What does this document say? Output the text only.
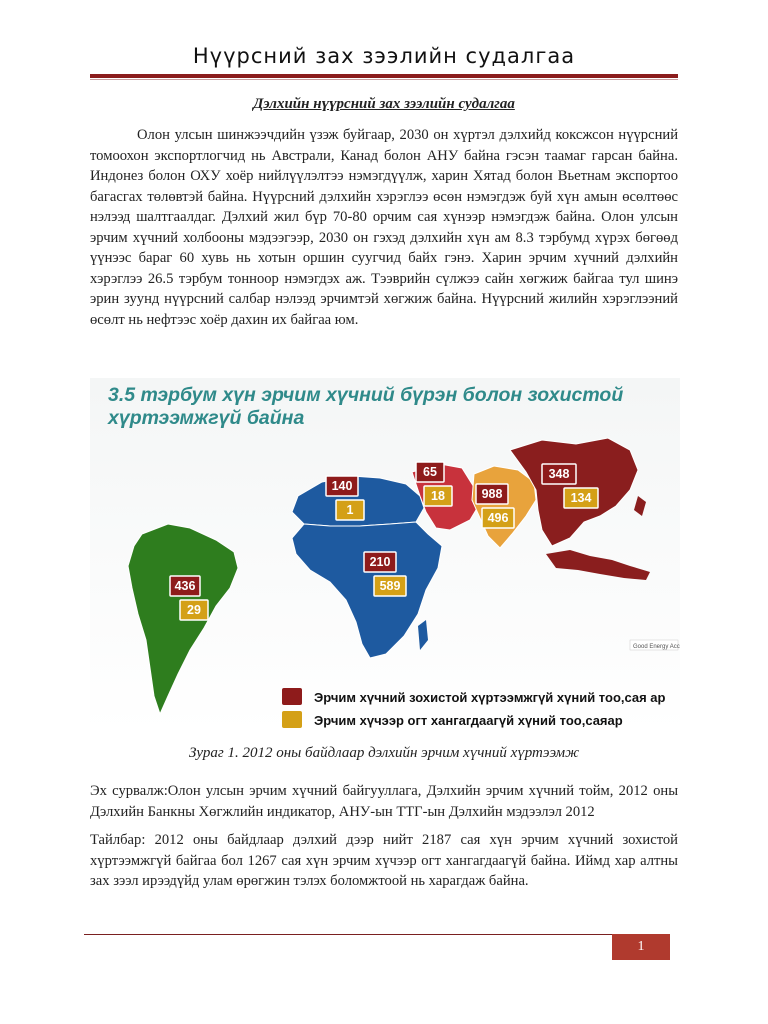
Нүүрсний зах зээлийн судалгаа
Дэлхийн нүүрсний зах зээлийн судалгаа
Олон улсын шинжээчдийн үзэж буйгаар, 2030 он хүртэл дэлхийд коксжсон нүүрсний томоохон экспортлогчид нь Австрали, Канад болон АНУ байна гэсэн таамаг гарсан байна. Индонез болон ОХУ хоёр нийлүүлэлтээ нэмэгдүүлж, харин Хятад болон Вьетнам экспортоо багасгах төлөвтэй байна. Нүүрсний дэлхийн хэрэглээ өсөн нэмэгдэж буй хүн амын өсөлтөөс нэлээд шалтгаалдаг. Дэлхий жил бүр 70-80 орчим сая хүнээр нэмэгдэж байна. Олон улсын эрчим хүчний холбооны мэдээгээр, 2030 он гэхэд дэлхийн хүн ам 8.3 тэрбумд хүрэх бөгөөд үүнээс бараг 60 хувь нь хотын оршин суугчид байх гэнэ. Харин эрчим хүчний дэлхийн хэрэглээ 26.5 тэрбум тонноор нэмэгдэх аж. Тээврийн сүлжээ сайн хөгжиж байгаа тул шинэ эрин зуунд нүүрсний салбар нэлээд эрчимтэй хөгжиж байна. Нүүрсний жилийн хэрэглээний өсөлт нь нефтээс хоёр дахин их байгаа юм.
436
29
140
1
210
589
65
18	988
496
348
134
Good Energy Acc
Эрчим хүчний зохистой хүртээмжгүй хүний тоо,сая ар
Эрчим хүчээр огт хангагдаагүй хүний тоо,саяар
3.5 тэрбум хүн эрчим хүчний бүрэн болон зохистой
хүртээмжгүй байна
Зураг 1. 2012 оны байдлаар дэлхийн эрчим хүчний хүртээмж
Эх сурвалж:Олон улсын эрчим хүчний байгууллага, Дэлхийн эрчим хүчний тойм, 2012 оны Дэлхийн Банкны Хөгжлийн индикатор, АНУ-ын ТТГ-ын Дэлхийн мэдээлэл 2012
Тайлбар: 2012 оны байдлаар дэлхий дээр нийт 2187 сая хүн эрчим хүчний зохистой хүртээмжгүй байгаа бол 1267 сая хүн эрчим хүчээр огт хангагдаагүй байна. Иймд хар алтны зах зээл ирээдүйд улам өрөгжин тэлэх боломжтоой нь харагдаж байна.
1
